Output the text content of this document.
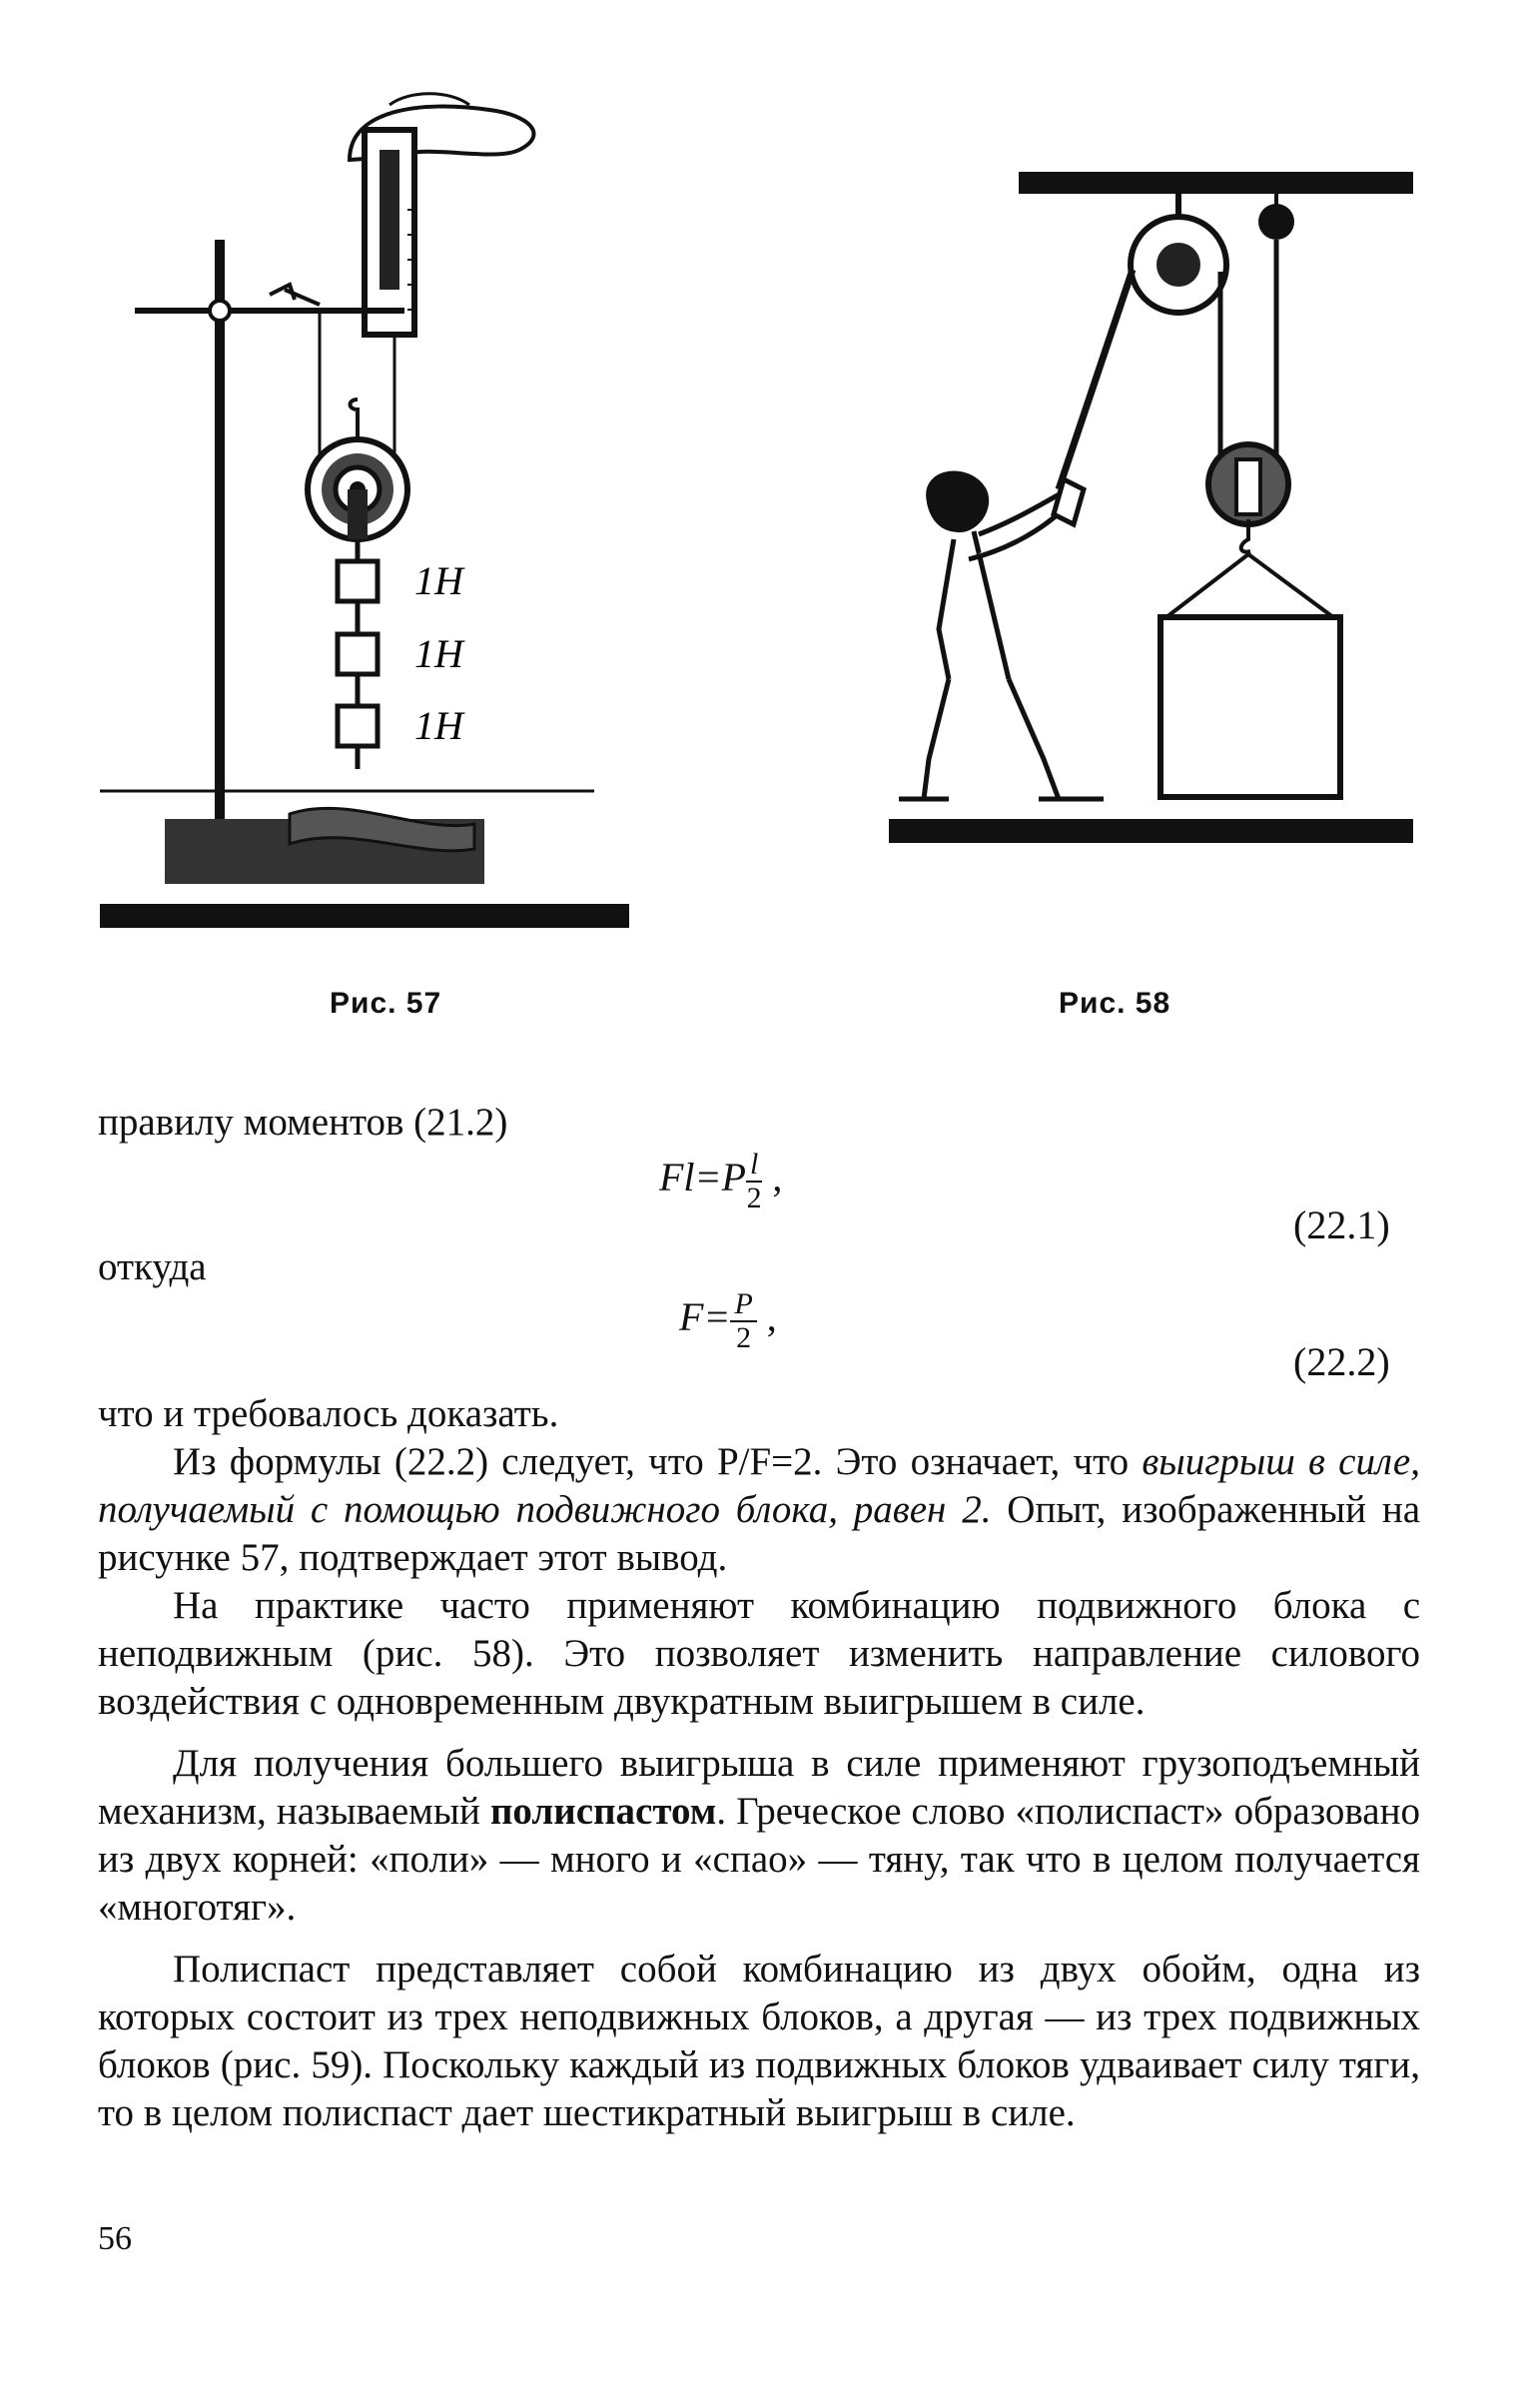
1Н
1Н
1Н
Рис. 57	Рис. 58

правилу моментов (21.2)

$Fl=P \frac{l}{2}$ ,
(22.1)

откуда

$F= \frac{P}{2}$ ,
(22.2)

что и требовалось доказать.

Из формулы (22.2) следует, что P/F=2. Это означает, что выигрыш в силе, получаемый с помощью подвижного блока, равен 2. Опыт, изображенный на рисунке 57, подтверждает этот вывод.

На практике часто применяют комбинацию подвижного блока с неподвижным (рис. 58). Это позволяет изменить направление силового воздействия с одновременным двукратным выигрышем в силе.

Для получения большего выигрыша в силе применяют грузоподъемный механизм, называемый полиспастом. Греческое слово «полиспаст» образовано из двух корней: «поли» — много и «спао» — тяну, так что в целом получается «многотяг».

Полиспаст представляет собой комбинацию из двух обойм, одна из которых состоит из трех неподвижных блоков, а другая — из трех подвижных блоков (рис. 59). Поскольку каждый из подвижных блоков удваивает силу тяги, то в целом полиспаст дает шестикратный выигрыш в силе.

56
